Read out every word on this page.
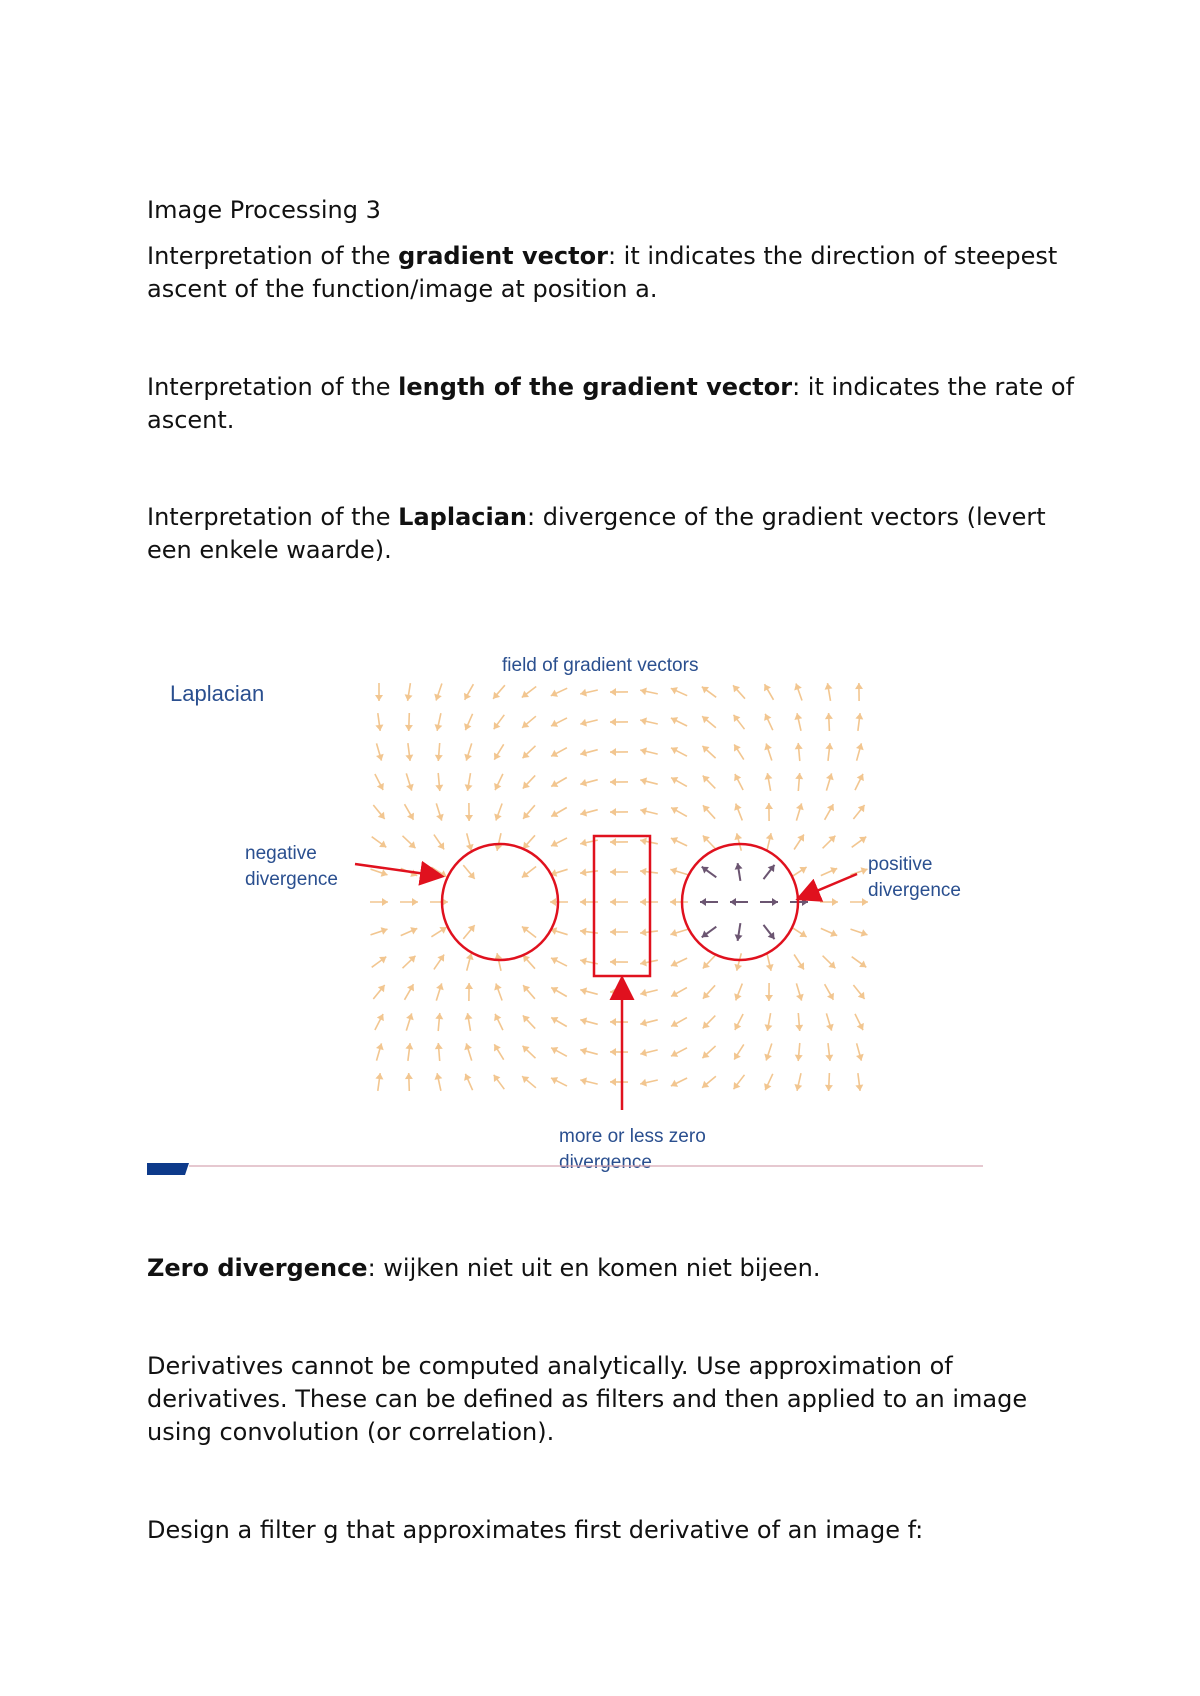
Image Processing 3

Interpretation of the gradient vector: it indicates the direction of steepest ascent of the function/image at position a.

Interpretation of the length of the gradient vector: it indicates the rate of ascent.

Interpretation of the Laplacian: divergence of the gradient vectors (levert een enkele waarde).

Laplacian
field of gradient vectors
negative
divergence
positive
divergence
more or less zero
divergence

Zero divergence: wijken niet uit en komen niet bijeen.

Derivatives cannot be computed analytically. Use approximation of derivatives. These can be defined as filters and then applied to an image using convolution (or correlation).

Design a filter g that approximates first derivative of an image f:
